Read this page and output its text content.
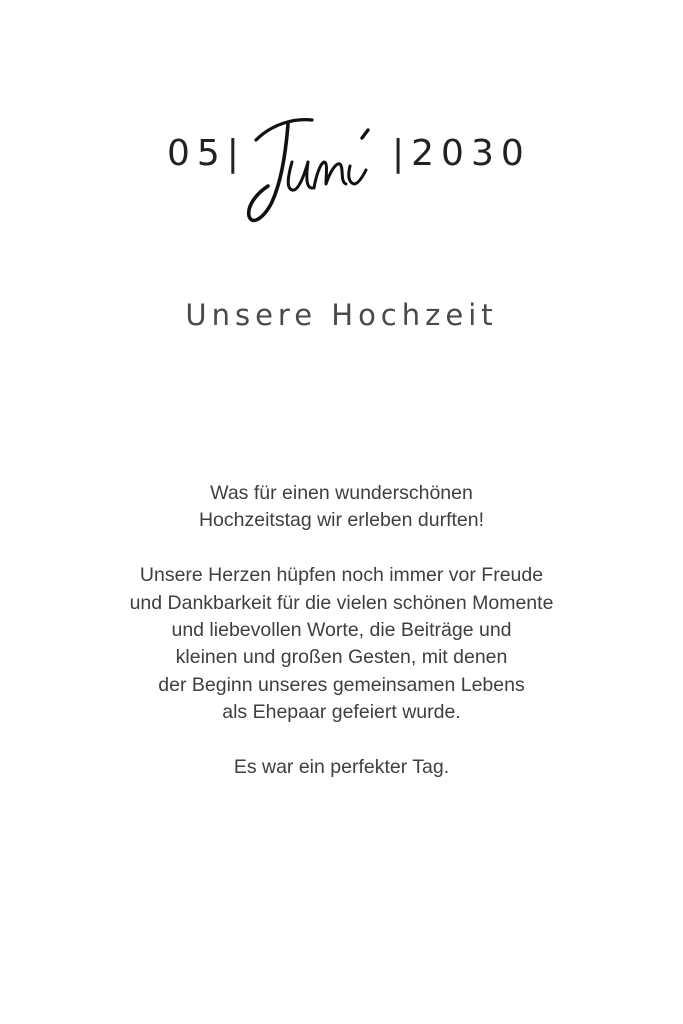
05|	|2030
Unsere Hochzeit
Was für einen wunderschönen
Hochzeitstag wir erleben durften!
Unsere Herzen hüpfen noch immer vor Freude
und Dankbarkeit für die vielen schönen Momente
und liebevollen Worte, die Beiträge und
kleinen und großen Gesten, mit denen
der Beginn unseres gemeinsamen Lebens
als Ehepaar gefeiert wurde.
Es war ein perfekter Tag.
